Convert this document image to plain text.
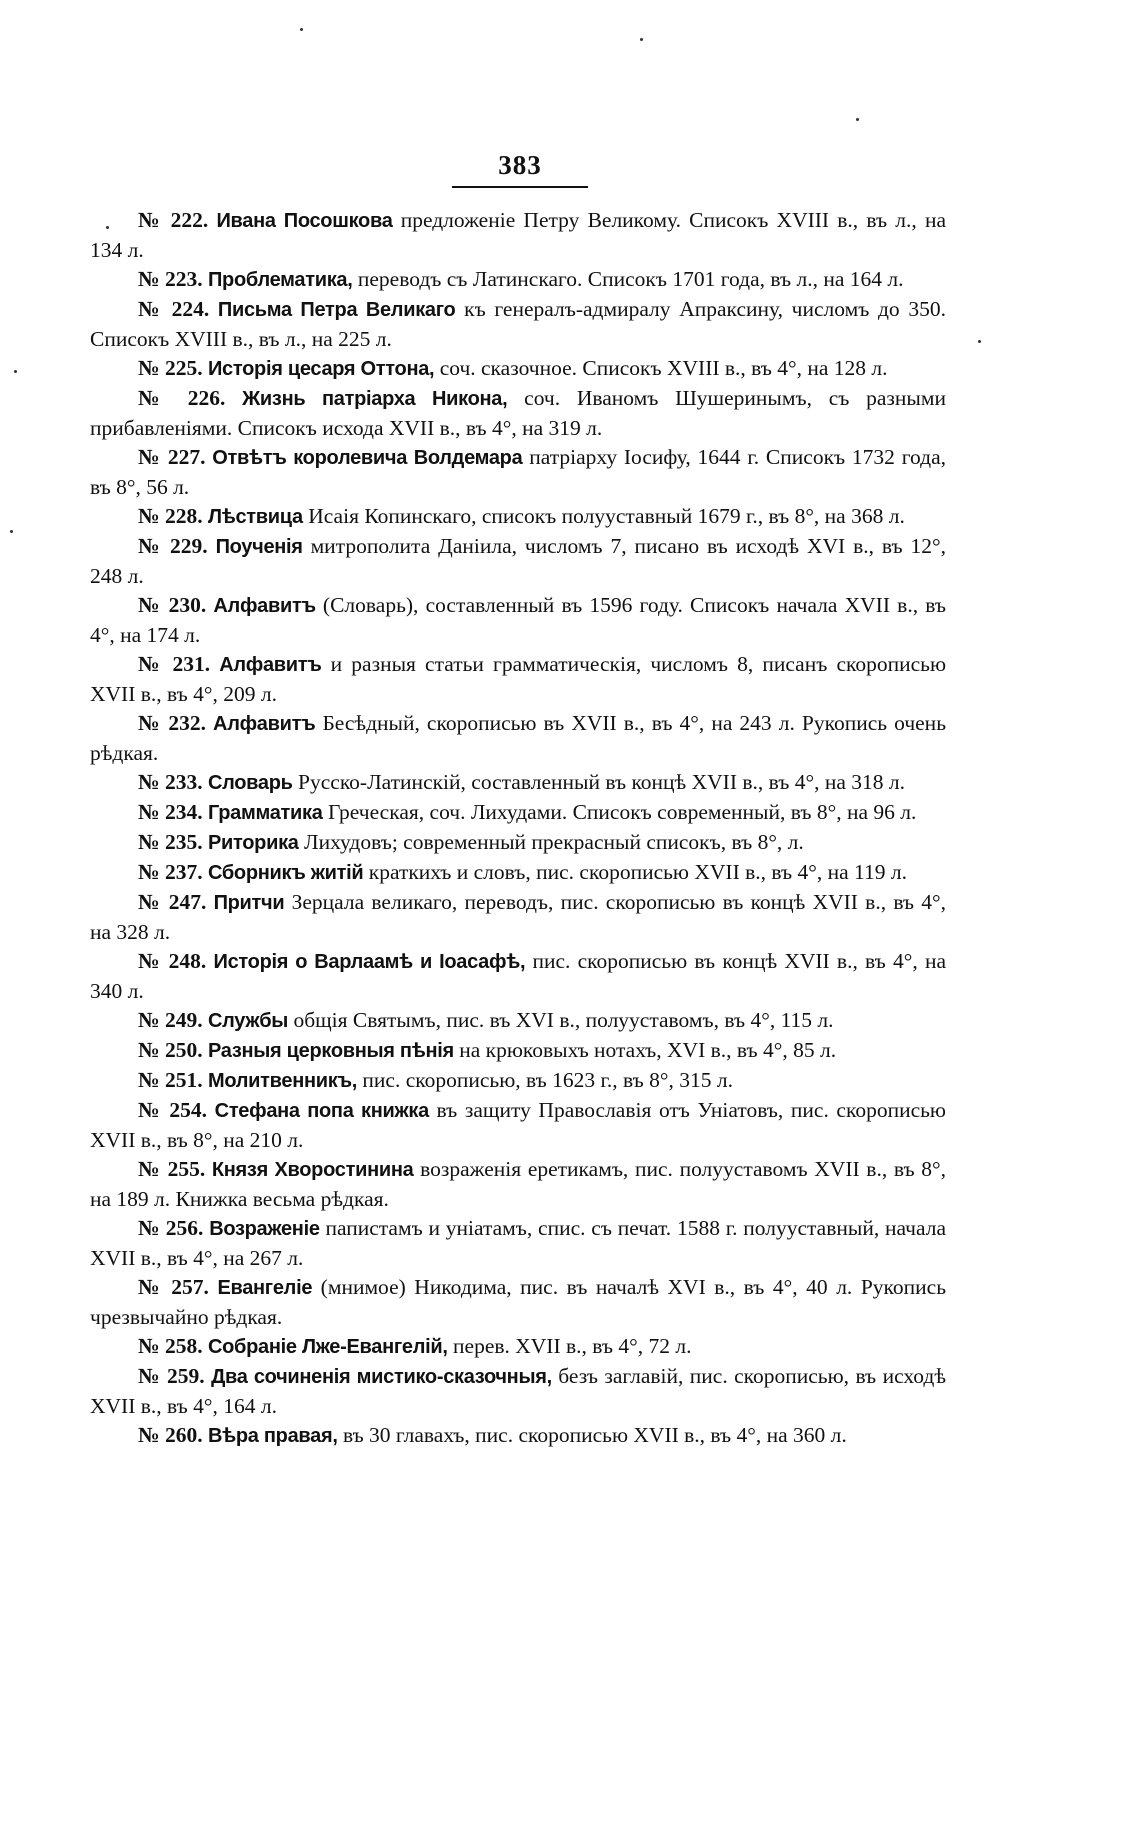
383

№ 222. Ивана Посошкова предложеніе Петру Великому. Списокъ XVIII в., въ л., на 134 л.

№ 223. Проблематика, переводъ съ Латинскаго. Списокъ 1701 года, въ л., на 164 л.

№ 224. Письма Петра Великаго къ генералъ-адмиралу Апраксину, числомъ до 350. Списокъ XVIII в., въ л., на 225 л.

№ 225. Исторія цесаря Оттона, соч. сказочное. Списокъ XVIII в., въ 4°, на 128 л.

№ 226. Жизнь патріарха Никона, соч. Иваномъ Шушеринымъ, съ разными прибавленіями. Списокъ исхода XVII в., въ 4°, на 319 л.

№ 227. Отвѣтъ королевича Волдемара патріарху Іосифу, 1644 г. Списокъ 1732 года, въ 8°, 56 л.

№ 228. Лѣствица Исаія Копинскаго, списокъ полууставный 1679 г., въ 8°, на 368 л.

№ 229. Поученія митрополита Даніила, числомъ 7, писано въ исходѣ XVI в., въ 12°, 248 л.

№ 230. Алфавитъ (Словарь), составленный въ 1596 году. Списокъ начала XVII в., въ 4°, на 174 л.

№ 231. Алфавитъ и разныя статьи грамматическія, числомъ 8, писанъ скорописью XVII в., въ 4°, 209 л.

№ 232. Алфавитъ Бесѣдный, скорописью въ XVII в., въ 4°, на 243 л. Рукопись очень рѣдкая.

№ 233. Словарь Русско-Латинскій, составленный въ концѣ XVII в., въ 4°, на 318 л.

№ 234. Грамматика Греческая, соч. Лихудами. Списокъ современный, въ 8°, на 96 л.

№ 235. Риторика Лихудовъ; современный прекрасный списокъ, въ 8°, л.

№ 237. Сборникъ житій краткихъ и словъ, пис. скорописью XVII в., въ 4°, на 119 л.

№ 247. Притчи Зерцала великаго, переводъ, пис. скорописью въ концѣ XVII в., въ 4°, на 328 л.

№ 248. Исторія о Варлаамѣ и Іоасафѣ, пис. скорописью въ концѣ XVII в., въ 4°, на 340 л.

№ 249. Службы общія Святымъ, пис. въ XVI в., полууставомъ, въ 4°, 115 л.

№ 250. Разныя церковныя пѣнія на крюковыхъ нотахъ, XVI в., въ 4°, 85 л.

№ 251. Молитвенникъ, пис. скорописью, въ 1623 г., въ 8°, 315 л.

№ 254. Стефана попа книжка въ защиту Православія отъ Уніатовъ, пис. скорописью XVII в., въ 8°, на 210 л.

№ 255. Князя Хворостинина возраженія еретикамъ, пис. полууставомъ XVII в., въ 8°, на 189 л. Книжка весьма рѣдкая.

№ 256. Возраженіе папистамъ и уніатамъ, спис. съ печат. 1588 г. полууставный, начала XVII в., въ 4°, на 267 л.

№ 257. Евангеліе (мнимое) Никодима, пис. въ началѣ XVI в., въ 4°, 40 л. Рукопись чрезвычайно рѣдкая.

№ 258. Собраніе Лже-Евангелій, перев. XVII в., въ 4°, 72 л.

№ 259. Два сочиненія мистико-сказочныя, безъ заглавій, пис. скорописью, въ исходѣ XVII в., въ 4°, 164 л.

№ 260. Вѣра правая, въ 30 главахъ, пис. скорописью XVII в., въ 4°, на 360 л.
